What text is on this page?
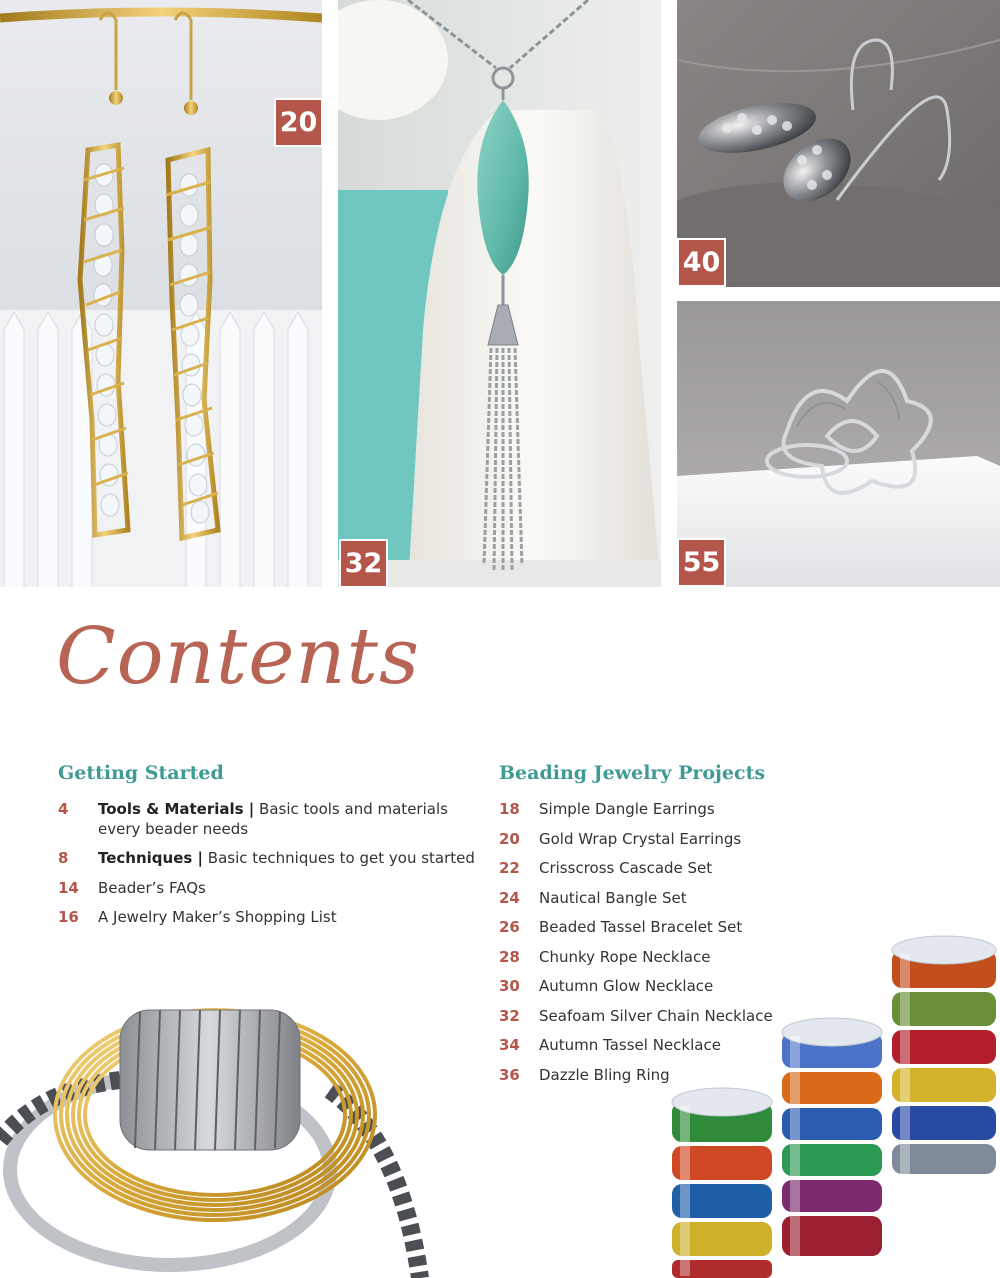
20
32
40
55
Contents
Getting Started
4	Tools & Materials | Basic tools and materials every beader needs
8	Techniques | Basic techniques to get you started
14	Beader’s FAQs
16	A Jewelry Maker’s Shopping List
Beading Jewelry Projects
18	Simple Dangle Earrings
20	Gold Wrap Crystal Earrings
22	Crisscross Cascade Set
24	Nautical Bangle Set
26	Beaded Tassel Bracelet Set
28	Chunky Rope Necklace
30	Autumn Glow Necklace
32	Seafoam Silver Chain Necklace
34	Autumn Tassel Necklace
36	Dazzle Bling Ring
